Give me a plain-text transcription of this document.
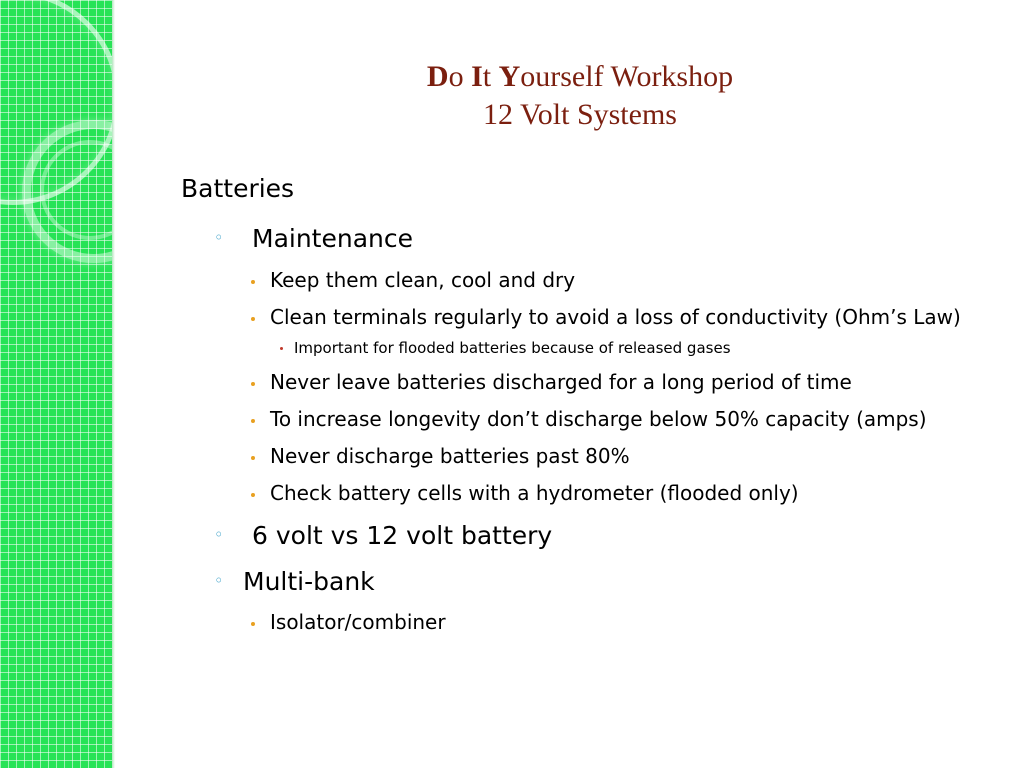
Do It Yourself Workshop
12 Volt Systems
Batteries
◦ Maintenance
Keep them clean, cool and dry
Clean terminals regularly to avoid a loss of conductivity (Ohm’s Law)
Important for flooded batteries because of released gases
Never leave batteries discharged for a long period of time
To increase longevity don’t discharge below 50% capacity (amps)
Never discharge batteries past 80%
Check battery cells with a hydrometer (flooded only)
◦ 6 volt vs 12 volt battery
◦ Multi-bank
Isolator/combiner
